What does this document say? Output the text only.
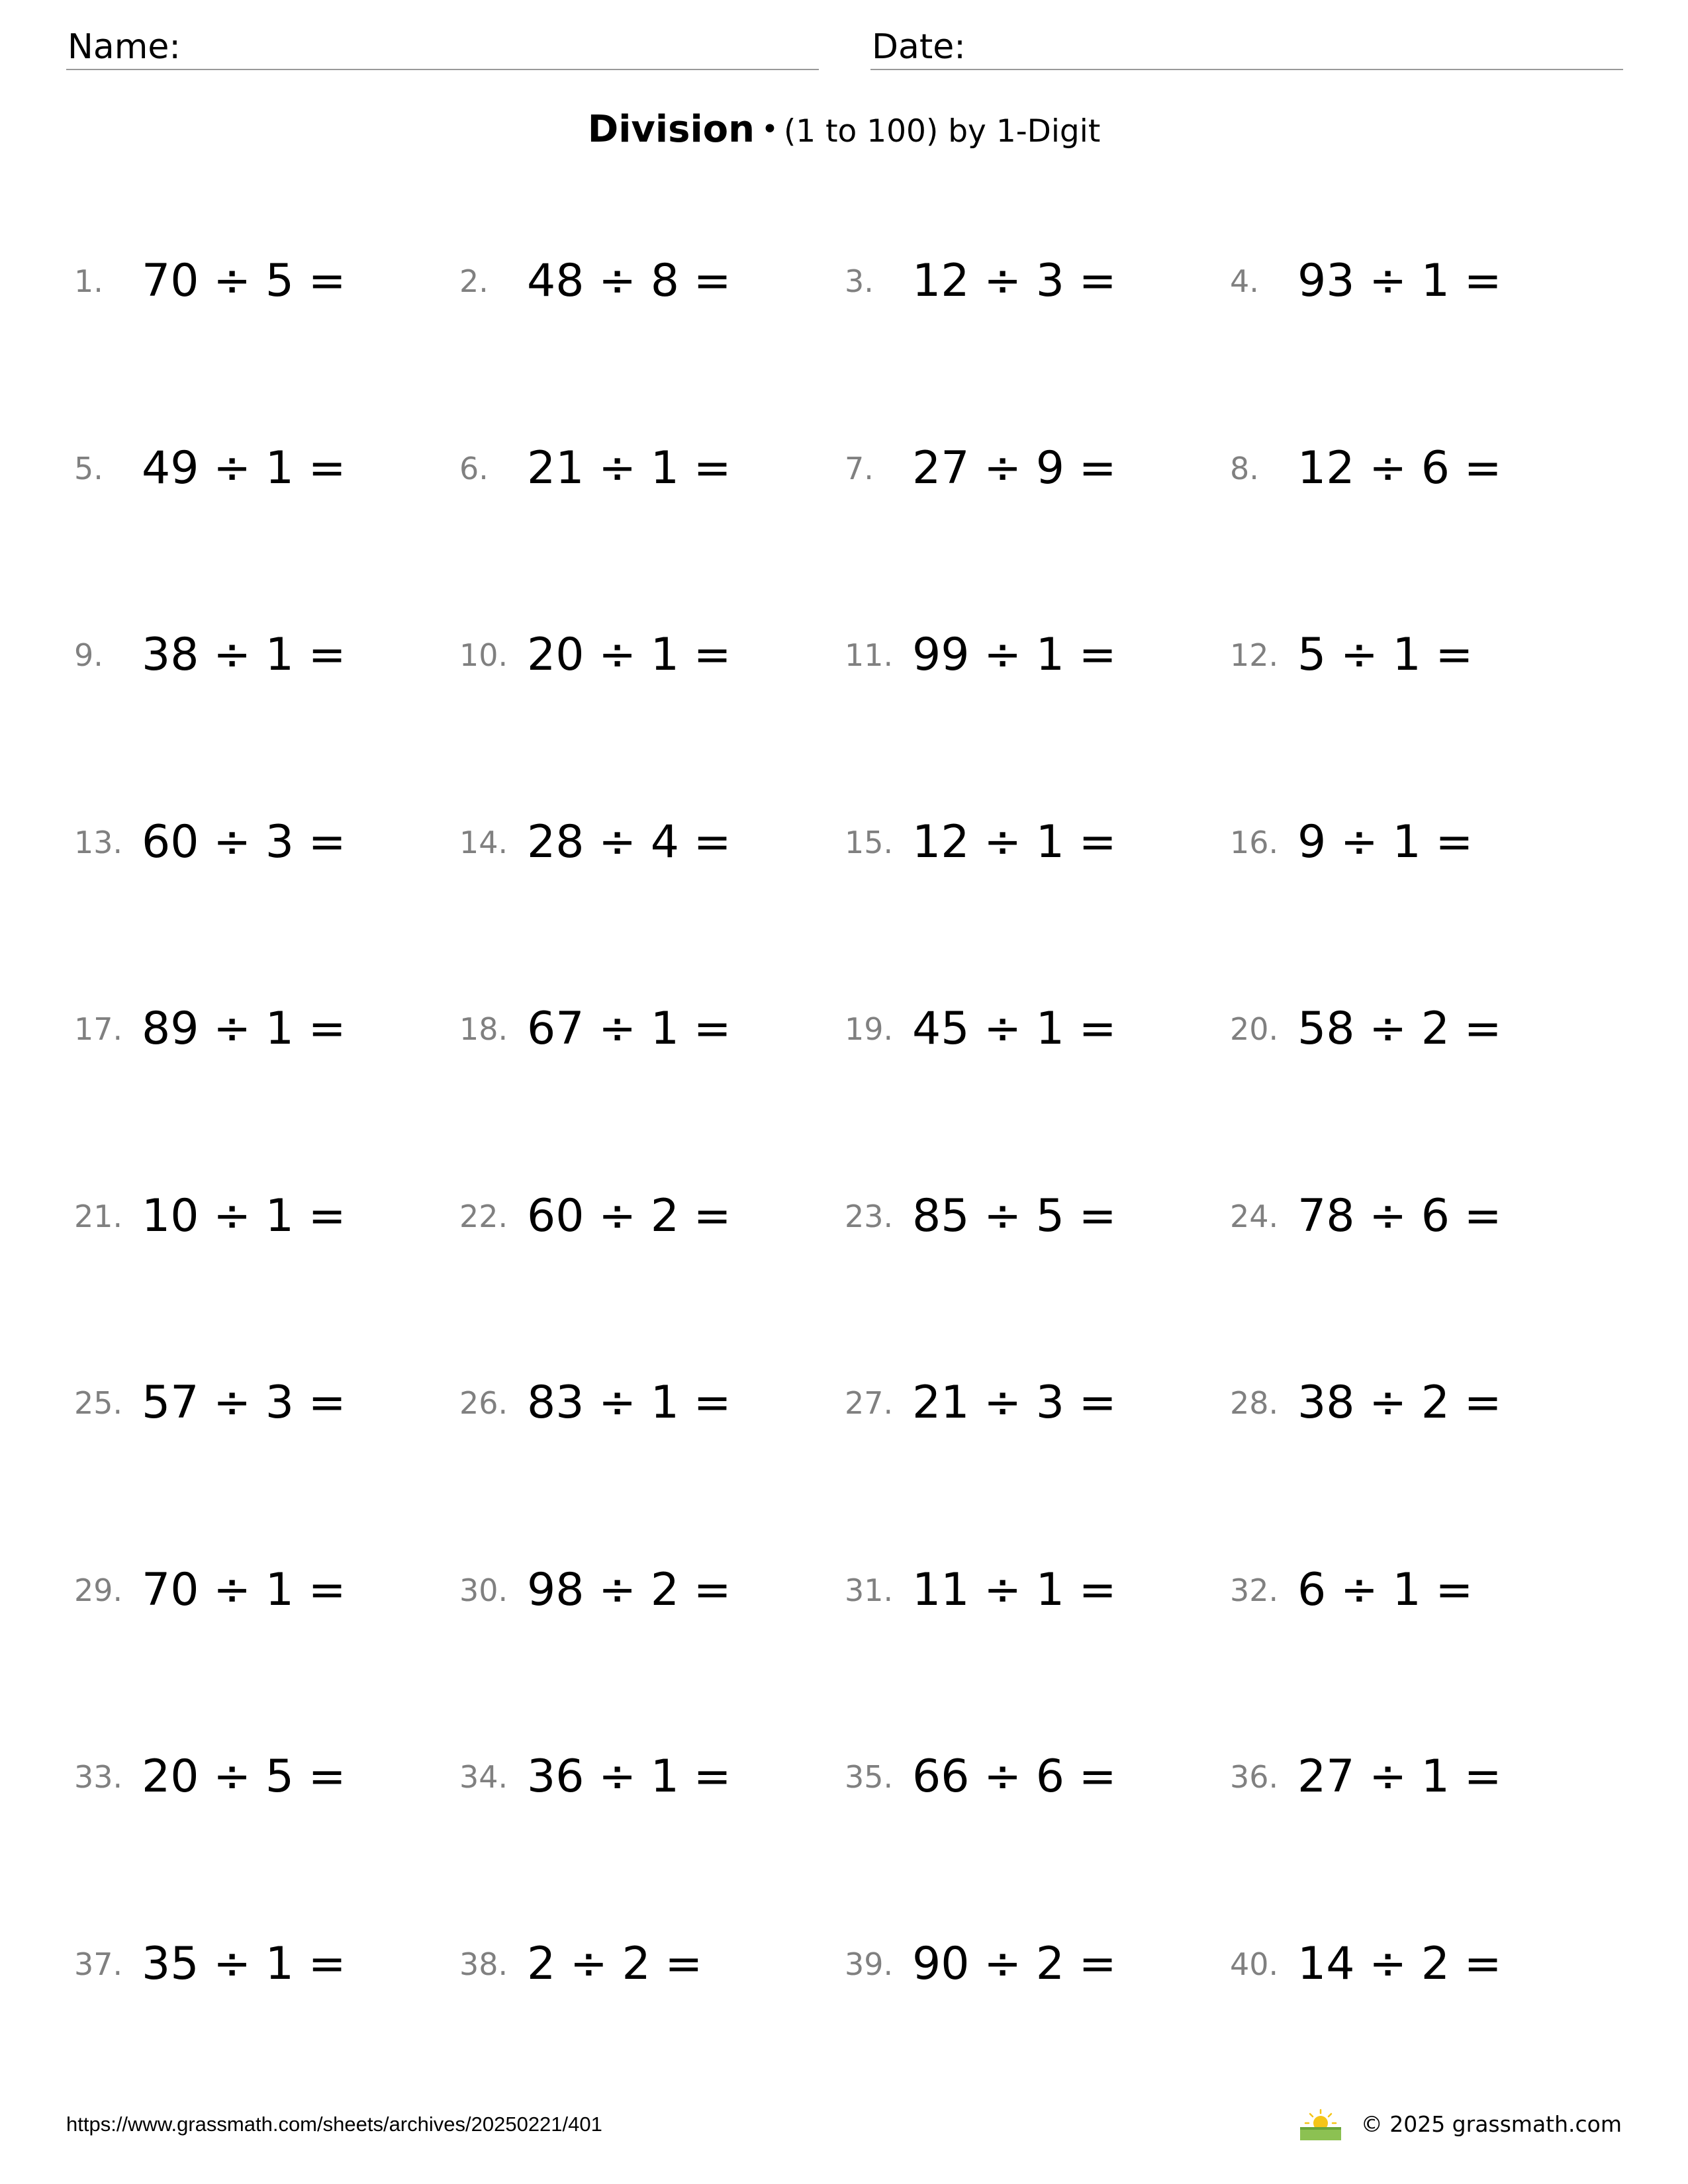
Name:	Date:
Division • (1 to 100) by 1-Digit
1. 70 ÷ 5 =	2. 48 ÷ 8 =	3. 12 ÷ 3 =	4. 93 ÷ 1 =
5. 49 ÷ 1 =	6. 21 ÷ 1 =	7. 27 ÷ 9 =	8. 12 ÷ 6 =
9. 38 ÷ 1 =	10. 20 ÷ 1 =	11. 99 ÷ 1 =	12. 5 ÷ 1 =
13. 60 ÷ 3 =	14. 28 ÷ 4 =	15. 12 ÷ 1 =	16. 9 ÷ 1 =
17. 89 ÷ 1 =	18. 67 ÷ 1 =	19. 45 ÷ 1 =	20. 58 ÷ 2 =
21. 10 ÷ 1 =	22. 60 ÷ 2 =	23. 85 ÷ 5 =	24. 78 ÷ 6 =
25. 57 ÷ 3 =	26. 83 ÷ 1 =	27. 21 ÷ 3 =	28. 38 ÷ 2 =
29. 70 ÷ 1 =	30. 98 ÷ 2 =	31. 11 ÷ 1 =	32. 6 ÷ 1 =
33. 20 ÷ 5 =	34. 36 ÷ 1 =	35. 66 ÷ 6 =	36. 27 ÷ 1 =
37. 35 ÷ 1 =	38. 2 ÷ 2 =	39. 90 ÷ 2 =	40. 14 ÷ 2 =
https://www.grassmath.com/sheets/archives/20250221/401	© 2025 grassmath.com
